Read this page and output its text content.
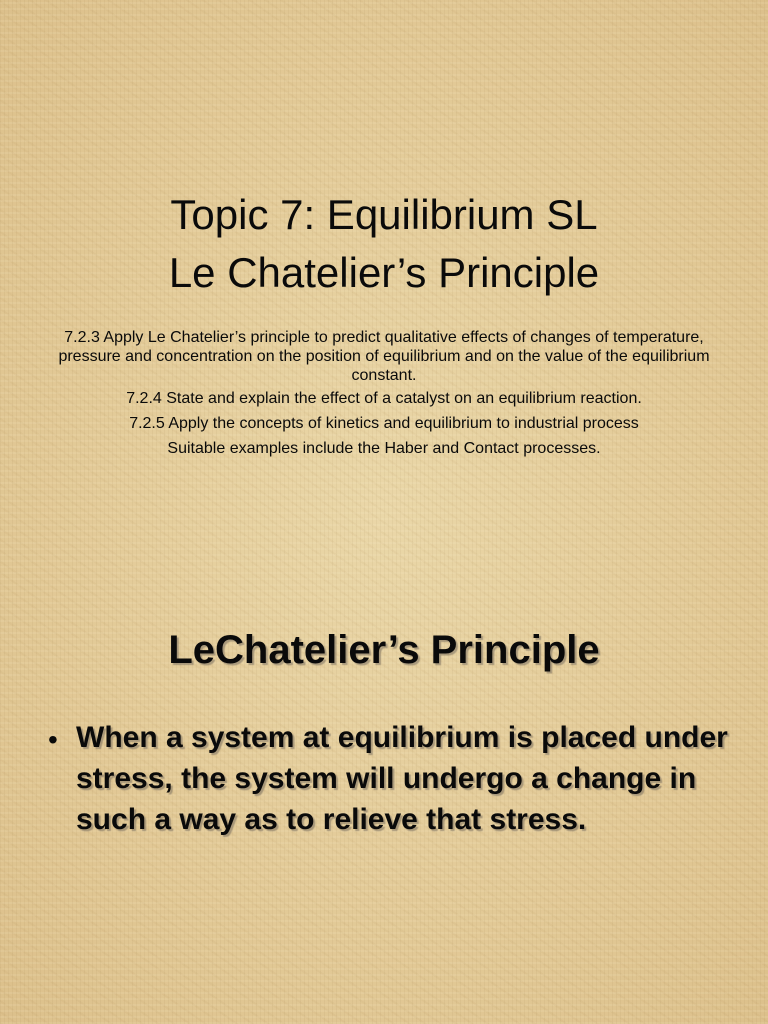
Topic 7: Equilibrium SL
Le Chatelier’s Principle

7.2.3 Apply Le Chatelier’s principle to predict qualitative effects of changes of temperature, pressure and concentration on the position of equilibrium and on the value of the equilibrium constant.

7.2.4 State and explain the effect of a catalyst on an equilibrium reaction.

7.2.5 Apply the concepts of kinetics and equilibrium to industrial process

Suitable examples include the Haber and Contact processes.

LeChatelier’s Principle
• When a system at equilibrium is placed under stress, the system will undergo a change in such a way as to relieve that stress.
